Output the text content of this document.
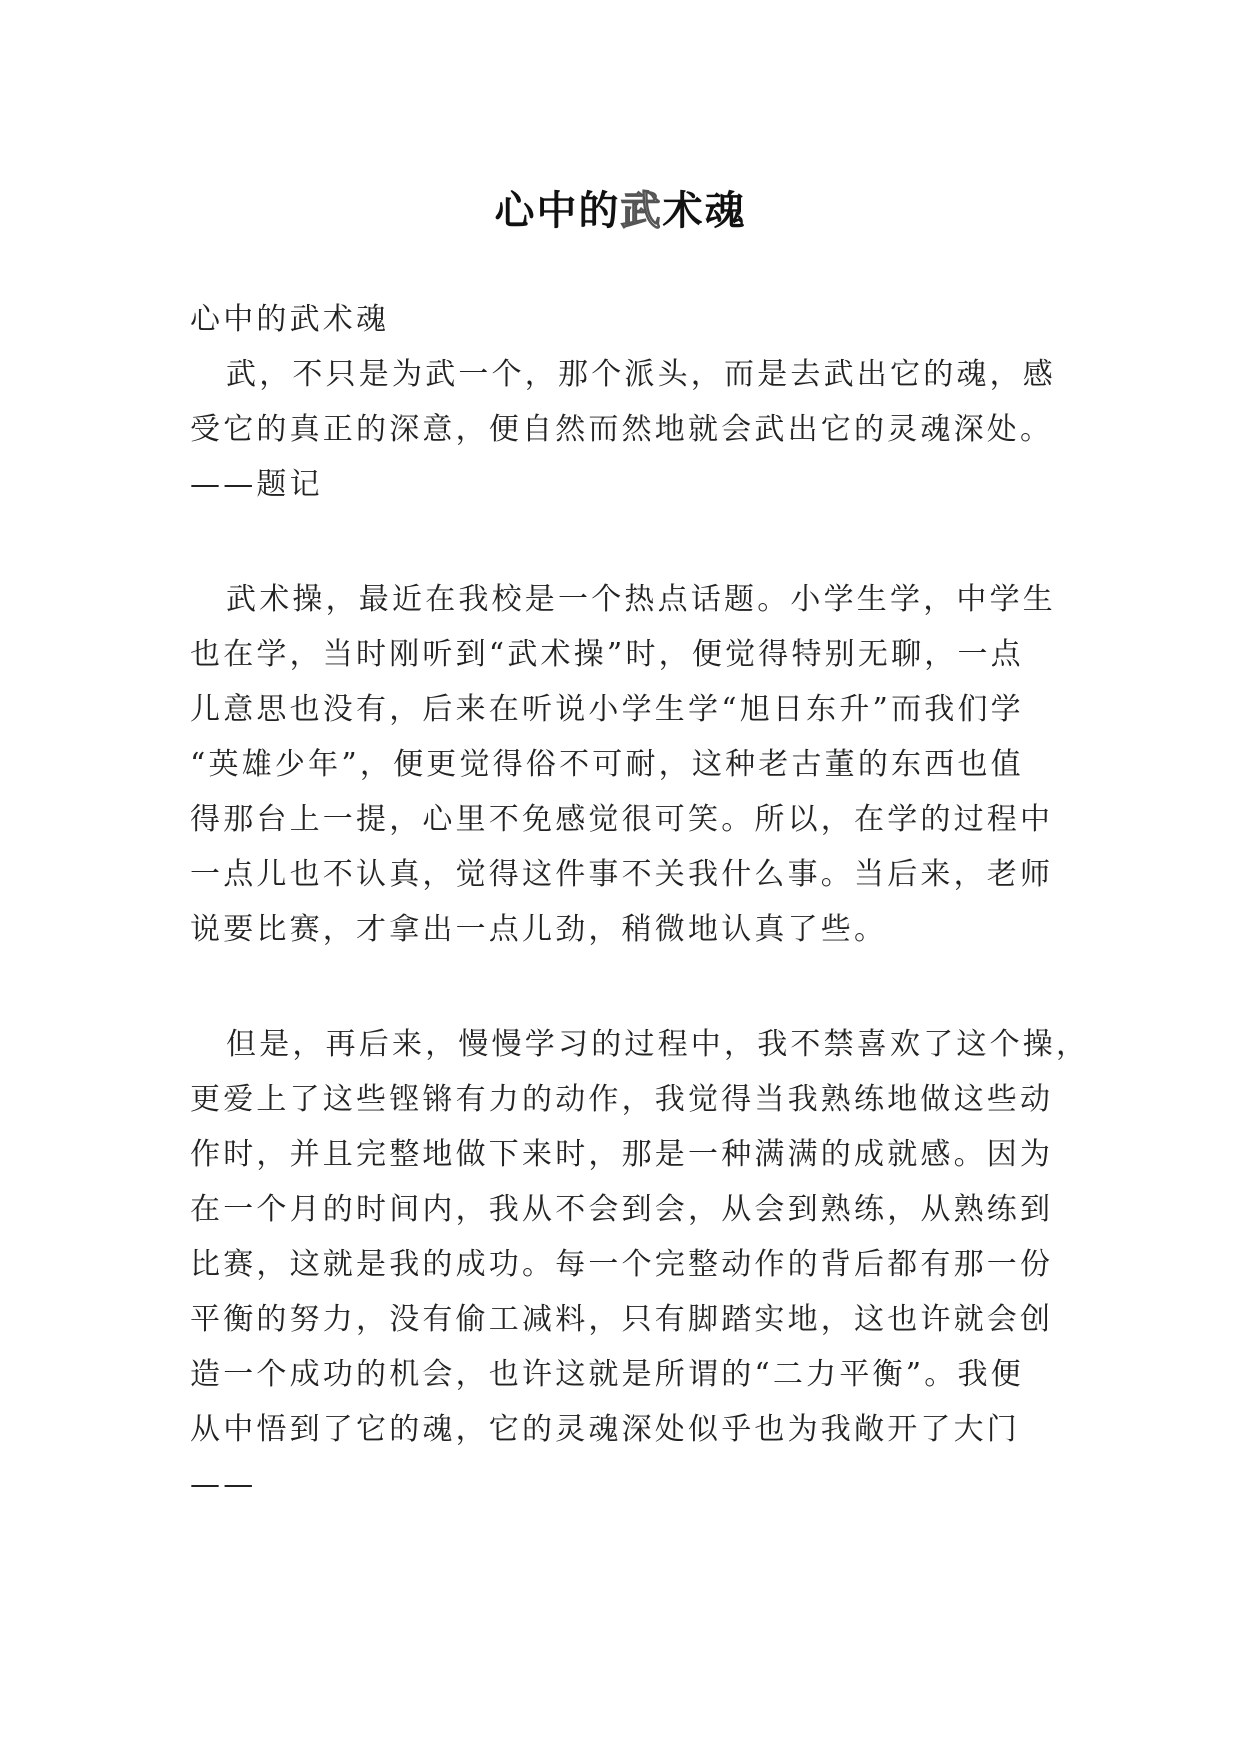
心中的武术魂
心中的武术魂
武，不只是为武一个，那个派头，而是去武出它的魂，感
受它的真正的深意，便自然而然地就会武出它的灵魂深处。
——题记
武术操，最近在我校是一个热点话题。小学生学，中学生
也在学，当时刚听到“武术操”时，便觉得特别无聊，一点
儿意思也没有，后来在听说小学生学“旭日东升”而我们学
“英雄少年”，便更觉得俗不可耐，这种老古董的东西也值
得那台上一提，心里不免感觉很可笑。所以，在学的过程中
一点儿也不认真，觉得这件事不关我什么事。当后来，老师
说要比赛，才拿出一点儿劲，稍微地认真了些。
但是，再后来，慢慢学习的过程中，我不禁喜欢了这个操，
更爱上了这些铿锵有力的动作，我觉得当我熟练地做这些动
作时，并且完整地做下来时，那是一种满满的成就感。因为
在一个月的时间内，我从不会到会，从会到熟练，从熟练到
比赛，这就是我的成功。每一个完整动作的背后都有那一份
平衡的努力，没有偷工减料，只有脚踏实地，这也许就会创
造一个成功的机会，也许这就是所谓的“二力平衡”。我便
从中悟到了它的魂，它的灵魂深处似乎也为我敞开了大门
——
